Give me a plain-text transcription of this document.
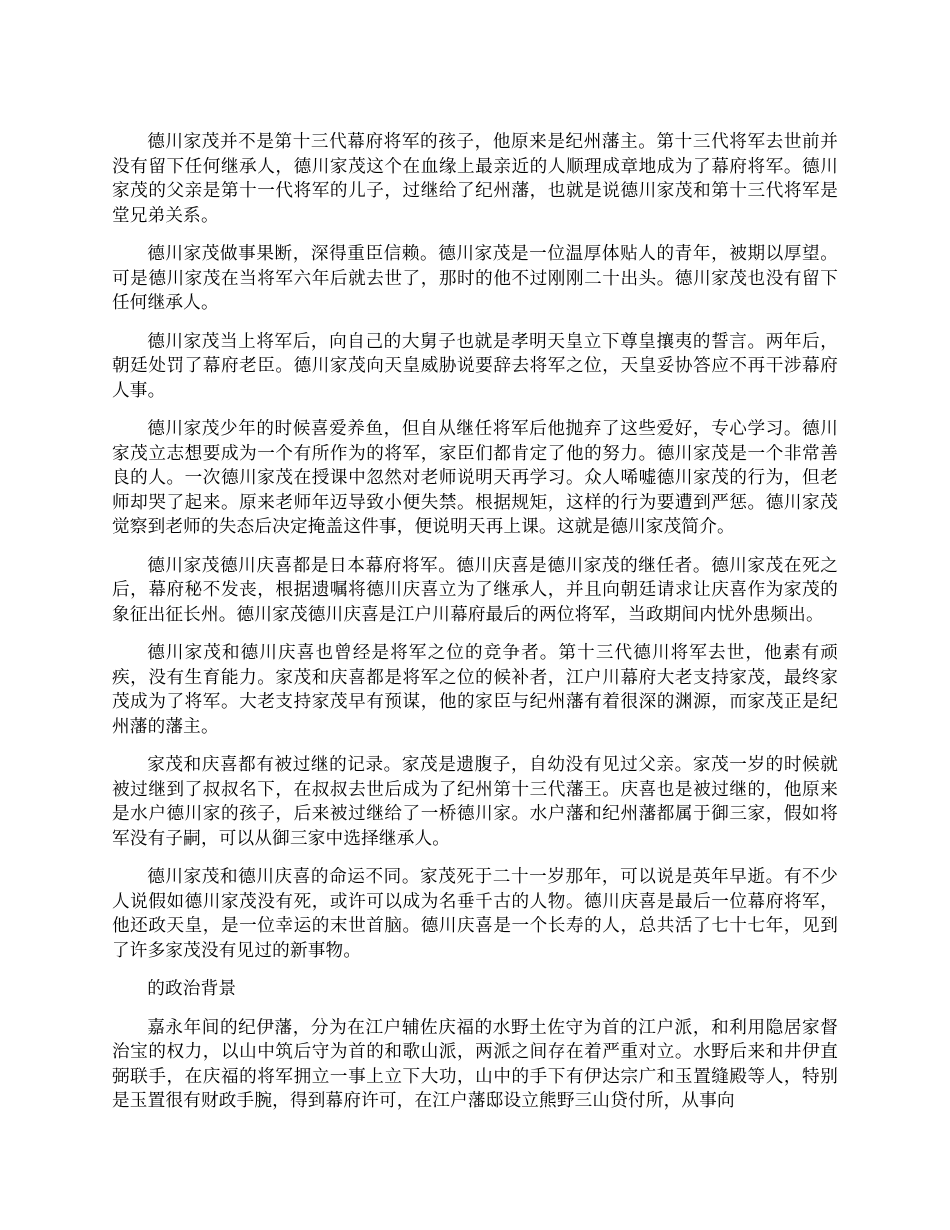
德川家茂并不是第十三代幕府将军的孩子，他原来是纪州藩主。第十三代将军去世前并没有留下任何继承人，德川家茂这个在血缘上最亲近的人顺理成章地成为了幕府将军。德川家茂的父亲是第十一代将军的儿子，过继给了纪州藩，也就是说德川家茂和第十三代将军是堂兄弟关系。

德川家茂做事果断，深得重臣信赖。德川家茂是一位温厚体贴人的青年，被期以厚望。可是德川家茂在当将军六年后就去世了，那时的他不过刚刚二十出头。德川家茂也没有留下任何继承人。

德川家茂当上将军后，向自己的大舅子也就是孝明天皇立下尊皇攘夷的誓言。两年后，朝廷处罚了幕府老臣。德川家茂向天皇威胁说要辞去将军之位，天皇妥协答应不再干涉幕府人事。

德川家茂少年的时候喜爱养鱼，但自从继任将军后他抛弃了这些爱好，专心学习。德川家茂立志想要成为一个有所作为的将军，家臣们都肯定了他的努力。德川家茂是一个非常善良的人。一次德川家茂在授课中忽然对老师说明天再学习。众人唏嘘德川家茂的行为，但老师却哭了起来。原来老师年迈导致小便失禁。根据规矩，这样的行为要遭到严惩。德川家茂觉察到老师的失态后决定掩盖这件事，便说明天再上课。这就是德川家茂简介。

德川家茂德川庆喜都是日本幕府将军。德川庆喜是德川家茂的继任者。德川家茂在死之后，幕府秘不发丧，根据遗嘱将德川庆喜立为了继承人，并且向朝廷请求让庆喜作为家茂的象征出征长州。德川家茂德川庆喜是江户川幕府最后的两位将军，当政期间内忧外患频出。

德川家茂和德川庆喜也曾经是将军之位的竞争者。第十三代德川将军去世，他素有顽疾，没有生育能力。家茂和庆喜都是将军之位的候补者，江户川幕府大老支持家茂，最终家茂成为了将军。大老支持家茂早有预谋，他的家臣与纪州藩有着很深的渊源，而家茂正是纪州藩的藩主。

家茂和庆喜都有被过继的记录。家茂是遗腹子，自幼没有见过父亲。家茂一岁的时候就被过继到了叔叔名下，在叔叔去世后成为了纪州第十三代藩王。庆喜也是被过继的，他原来是水户德川家的孩子，后来被过继给了一桥德川家。水户藩和纪州藩都属于御三家，假如将军没有子嗣，可以从御三家中选择继承人。

德川家茂和德川庆喜的命运不同。家茂死于二十一岁那年，可以说是英年早逝。有不少人说假如德川家茂没有死，或许可以成为名垂千古的人物。德川庆喜是最后一位幕府将军，他还政天皇，是一位幸运的末世首脑。德川庆喜是一个长寿的人，总共活了七十七年，见到了许多家茂没有见过的新事物。

的政治背景

嘉永年间的纪伊藩，分为在江户辅佐庆福的水野土佐守为首的江户派，和利用隐居家督治宝的权力，以山中筑后守为首的和歌山派，两派之间存在着严重对立。水野后来和井伊直弼联手，在庆福的将军拥立一事上立下大功，山中的手下有伊达宗广和玉置缝殿等人，特别是玉置很有财政手腕，得到幕府许可，在江户藩邸设立熊野三山贷付所，从事向
